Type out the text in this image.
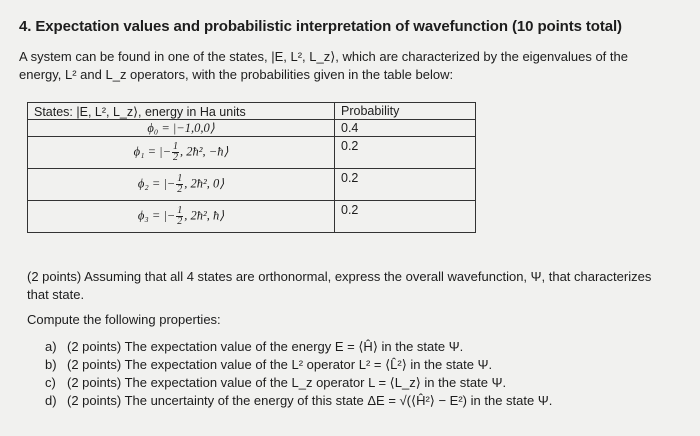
4. Expectation values and probabilistic interpretation of wavefunction (10 points total)
A system can be found in one of the states, |E, L², L_z⟩, which are characterized by the eigenvalues of the
energy, L² and L_z operators, with the probabilities given in the table below:
States: |E, L², L_z⟩, energy in Ha units	Probability
ϕ₀ = |−1,0,0⟩	0.4
ϕ₁ = |− $\frac{1}{2}$ , 2ħ², −ħ⟩	0.2
ϕ₂ = |− $\frac{1}{2}$ , 2ħ², 0⟩	0.2
ϕ₃ = |− $\frac{1}{2}$ , 2ħ², ħ⟩	0.2
(2 points) Assuming that all 4 states are orthonormal, express the overall wavefunction, Ψ, that characterizes that state.
Compute the following properties:
a) (2 points) The expectation value of the energy E = ⟨Ĥ⟩ in the state Ψ.
b) (2 points) The expectation value of the L² operator L² = ⟨L̂²⟩ in the state Ψ.
c) (2 points) The expectation value of the L_z operator L = ⟨L_z⟩ in the state Ψ.
d) (2 points) The uncertainty of the energy of this state ΔE = √(⟨Ĥ²⟩ − E²) in the state Ψ.
